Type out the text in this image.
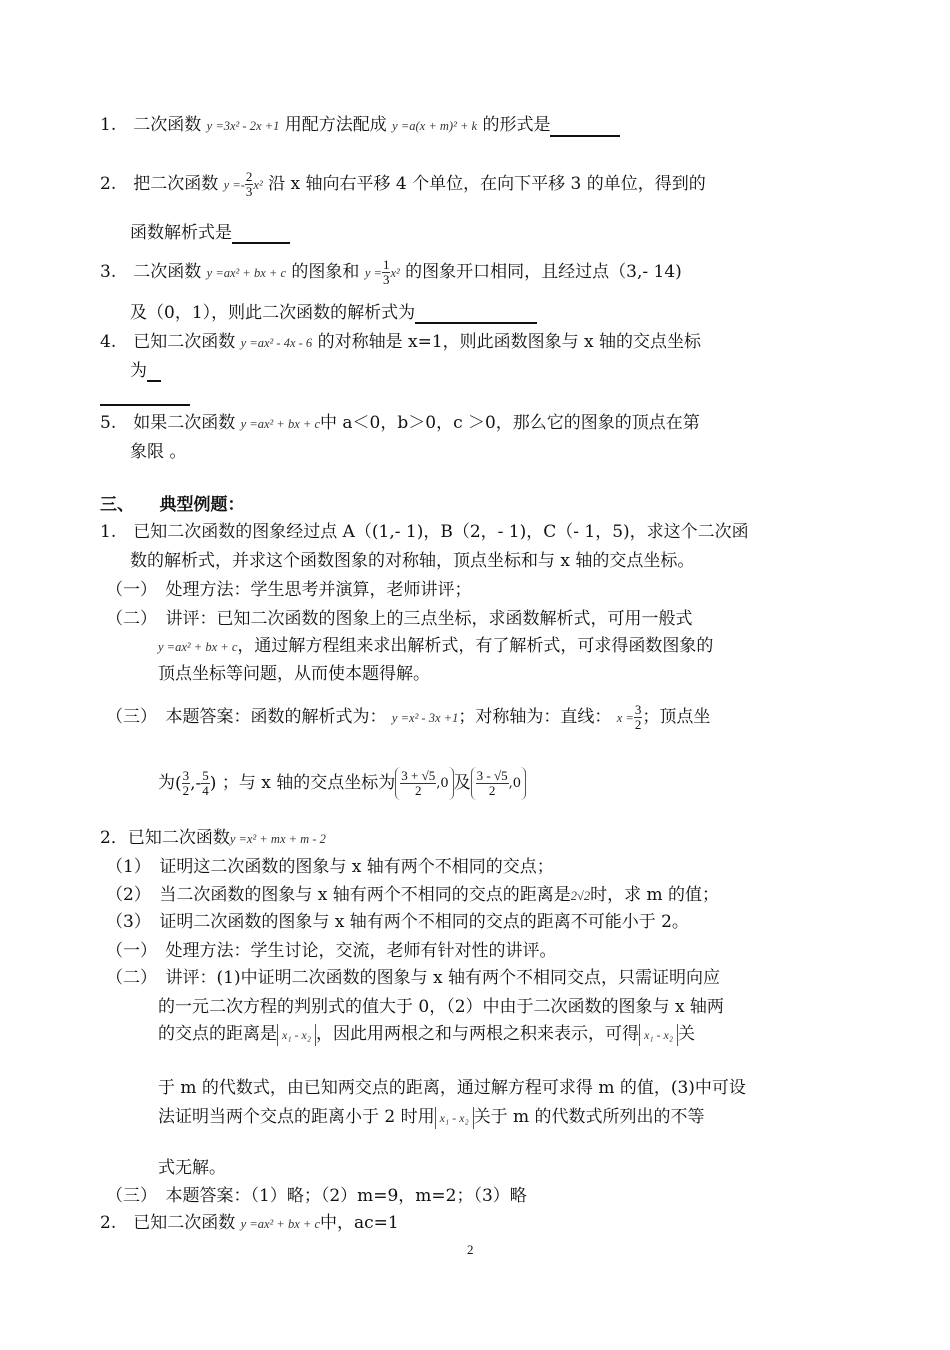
1.　二次函数 y =3x² - 2x +1 用配方法配成 y =a(x + m)² + k 的形式是
2.　把二次函数 $y =- \frac{2}{3} x^2$ 沿 x 轴向右平移 4 个单位，在向下平移 3 的单位，得到的
函数解析式是
3.　二次函数 y =ax² + bx + c 的图象和 $y = \frac{1}{3} x^2$ 的图象开口相同，且经过点（3,- 14)
及（0，1），则此二次函数的解析式为
4.　已知二次函数 y =ax² - 4x - 6 的对称轴是 x=1，则此函数图象与 x 轴的交点坐标
为
5.　如果二次函数 y =ax² + bx + c中 a＜0，b＞0，c ＞0，那么它的图象的顶点在第
象限 。
三、　　典型例题：
1.　已知二次函数的图象经过点 A（(1,- 1)，B（2，- 1)，C（- 1，5)，求这个二次函
数的解析式，并求这个函数图象的对称轴，顶点坐标和与 x 轴的交点坐标。
（一）　处理方法：学生思考并演算，老师讲评；
（二）　讲评：已知二次函数的图象上的三点坐标，求函数解析式，可用一般式
y =ax² + bx + c，通过解方程组来求出解析式，有了解析式，可求得函数图象的
顶点坐标等问题，从而使本题得解。
（三）　本题答案：函数的解析式为： y =x² - 3x +1；对称轴为：直线： $x = \frac{3}{2}$ ；顶点坐
为( $\frac{3}{2}$ ,- $\frac{5}{4}$ ) ；与 x 轴的交点坐标为 $\frac{3 + √5}{2} ,0$ 及 $\frac{3 - √5}{2} ,0$
2．已知二次函数y =x² + mx + m - 2
（1）　证明这二次函数的图象与 x 轴有两个不相同的交点；
（2）　当二次函数的图象与 x 轴有两个不相同的交点的距离是2√2时，求 m 的值；
（3）　证明二次函数的图象与 x 轴有两个不相同的交点的距离不可能小于 2。
（一）　处理方法：学生讨论，交流，老师有针对性的讲评。
（二）　讲评：(1)中证明二次函数的图象与 x 轴有两个不相同交点，只需证明向应
的一元二次方程的判别式的值大于 0，（2）中由于二次函数的图象与 x 轴两
的交点的距离是 x₁ - x₂ ，因此用两根之和与两根之积来表示，可得 x₁ - x₂ 关
于 m 的代数式，由已知两交点的距离，通过解方程可求得 m 的值，(3)中可设
法证明当两个交点的距离小于 2 时用 x₁ - x₂ 关于 m 的代数式所列出的不等
式无解。
（三）　本题答案：（1）略；（2）m=9，m=2；（3）略
2.　已知二次函数 y =ax² + bx + c中，ac=1
2
